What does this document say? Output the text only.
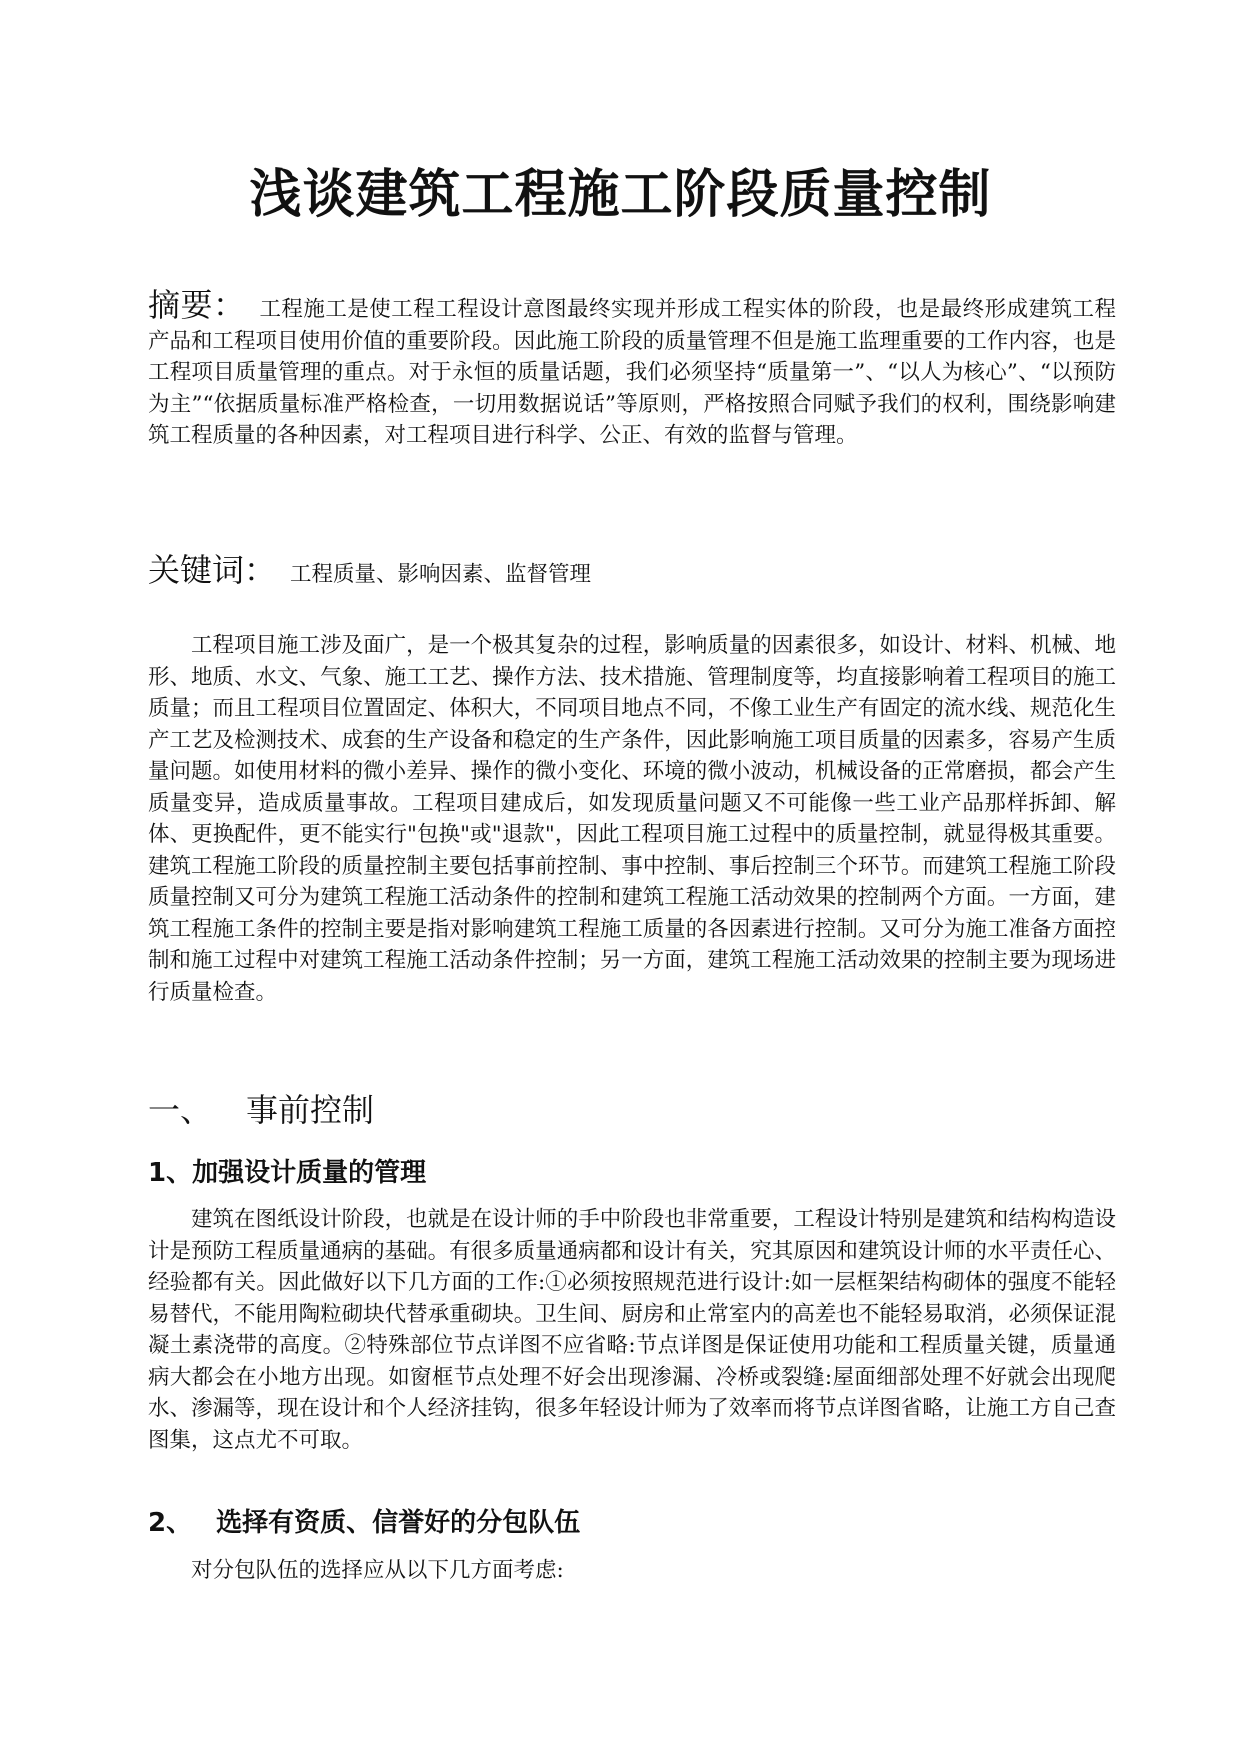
浅谈建筑工程施工阶段质量控制

摘要： 工程施工是使工程工程设计意图最终实现并形成工程实体的阶段，也是最终形成建筑工程产品和工程项目使用价值的重要阶段。因此施工阶段的质量管理不但是施工监理重要的工作内容，也是工程项目质量管理的重点。对于永恒的质量话题，我们必须坚持“质量第一”、“以人为核心”、“以预防为主”“依据质量标准严格检查，一切用数据说话”等原则，严格按照合同赋予我们的权利，围绕影响建筑工程质量的各种因素，对工程项目进行科学、公正、有效的监督与管理。

关键词： 工程质量、影响因素、监督管理

工程项目施工涉及面广，是一个极其复杂的过程，影响质量的因素很多，如设计、材料、机械、地形、地质、水文、气象、施工工艺、操作方法、技术措施、管理制度等，均直接影响着工程项目的施工质量；而且工程项目位置固定、体积大，不同项目地点不同，不像工业生产有固定的流水线、规范化生产工艺及检测技术、成套的生产设备和稳定的生产条件，因此影响施工项目质量的因素多，容易产生质量问题。如使用材料的微小差异、操作的微小变化、环境的微小波动，机械设备的正常磨损，都会产生质量变异，造成质量事故。工程项目建成后，如发现质量问题又不可能像一些工业产品那样拆卸、解体、更换配件，更不能实行"包换"或"退款"，因此工程项目施工过程中的质量控制，就显得极其重要。建筑工程施工阶段的质量控制主要包括事前控制、事中控制、事后控制三个环节。而建筑工程施工阶段质量控制又可分为建筑工程施工活动条件的控制和建筑工程施工活动效果的控制两个方面。一方面，建筑工程施工条件的控制主要是指对影响建筑工程施工质量的各因素进行控制。又可分为施工准备方面控制和施工过程中对建筑工程施工活动条件控制；另一方面，建筑工程施工活动效果的控制主要为现场进行质量检查。

一、 事前控制
1、加强设计质量的管理

建筑在图纸设计阶段，也就是在设计师的手中阶段也非常重要，工程设计特别是建筑和结构构造设计是预防工程质量通病的基础。有很多质量通病都和设计有关，究其原因和建筑设计师的水平责任心、经验都有关。因此做好以下几方面的工作:①必须按照规范进行设计:如一层框架结构砌体的强度不能轻易替代，不能用陶粒砌块代替承重砌块。卫生间、厨房和止常室内的高差也不能轻易取消，必须保证混凝土素浇带的高度。②特殊部位节点详图不应省略:节点详图是保证使用功能和工程质量关键，质量通病大都会在小地方出现。如窗框节点处理不好会出现渗漏、冷桥或裂缝:屋面细部处理不好就会出现爬水、渗漏等，现在设计和个人经济挂钩，很多年轻设计师为了效率而将节点详图省略，让施工方自己查图集，这点尤不可取。

2、 选择有资质、信誉好的分包队伍

对分包队伍的选择应从以下几方面考虑:
